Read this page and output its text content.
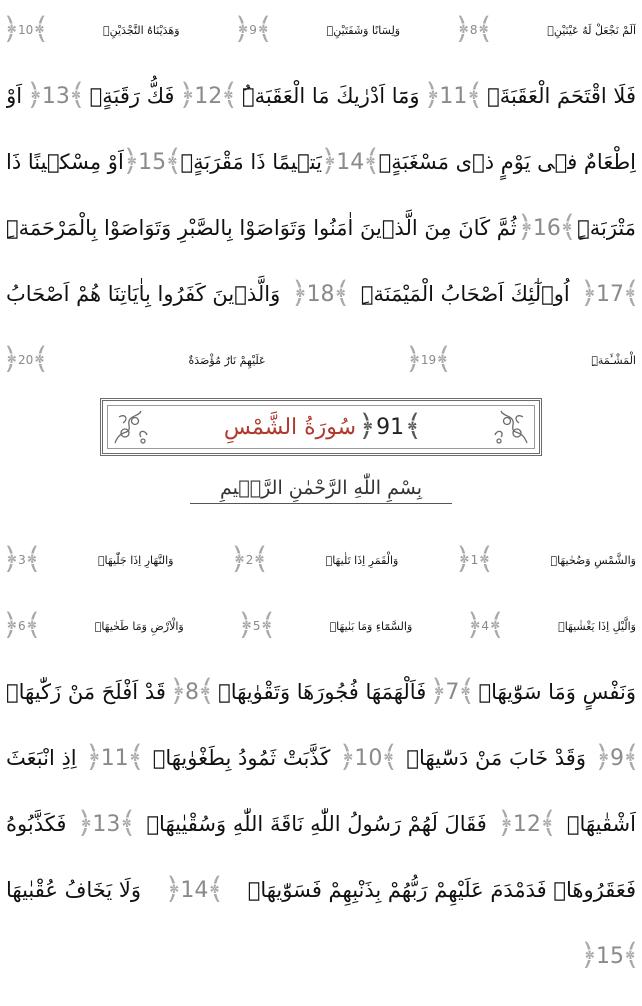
اَلَمْ نَجْعَلْ لَهُ عَيْنَيْنِۙ
﴿ 8
﴾
وَلِسَانًا وَشَفَتَيْنِۙ
﴿ 9
﴾
وَهَدَيْنَاهُ النَّجْدَيْنِۚ
﴿ 10
﴾
فَلَا اقْتَحَمَ الْعَقَبَةَۘ
﴿ 11
﴾
وَمَٓا اَدْرٰيكَ مَا الْعَقَبَةُۜ
﴿ 12
﴾
فَكُّ رَقَبَةٍۙ
﴿ 13
﴾
اَوْ
اِطْعَامٌ فٖى يَوْمٍ ذٖى مَسْغَبَةٍۙ
﴿ 14
﴾
يَتٖيمًا ذَا مَقْرَبَةٍۙ
﴿ 15
﴾
اَوْ مِسْكٖينًا ذَا
مَتْرَبَةٍۜ
﴿ 16
﴾
ثُمَّ كَانَ مِنَ الَّذٖينَ اٰمَنُوا وَتَوَاصَوْا بِالصَّبْرِ وَتَوَاصَوْا بِالْمَرْحَمَةِۜ
﴿ 17
﴾
اُو۬لٰٓئِكَ اَصْحَابُ الْمَيْمَنَةِۜ
﴿ 18
﴾
وَالَّذٖينَ كَفَرُوا بِاٰيَاتِنَا هُمْ اَصْحَابُ
الْمَشْـَٔمَةِۜ
﴿ 19
﴾
عَلَيْهِمْ نَارٌ مُؤْصَدَةٌ
﴿ 20
﴾
﴿ 91 ﴾
سُورَةُ الشَّمْسِ
بِسْمِ اللّٰهِ الرَّحْمٰنِ الرَّحٖيمِ
وَالشَّمْسِ وَضُحٰيهَاۙ
﴿ 1
﴾
وَالْقَمَرِ اِذَا تَلٰيهَاۙ
﴿ 2
﴾
وَالنَّهَارِ اِذَا جَلّٰيهَاۙ
﴿ 3
﴾
وَالَّيْلِ اِذَا يَغْشٰيهَاۙ
﴿ 4
﴾
وَالسَّمَٓاءِ وَمَا بَنٰيهَاۙ
﴿ 5
﴾
وَالْاَرْضِ وَمَا طَحٰيهَاۙ
﴿ 6
﴾
وَنَفْسٍ وَمَا سَوّٰيهَاۙ
﴿ 7
﴾
فَاَلْهَمَهَا فُجُورَهَا وَتَقْوٰيهَاۙ
﴿ 8
﴾
قَدْ اَفْلَحَ مَنْ زَكّٰيهَاۙ
﴿ 9
﴾
وَقَدْ خَابَ مَنْ دَسّٰيهَاۜ
﴿ 10
﴾
كَذَّبَتْ ثَمُودُ بِطَغْوٰيهَاۙ
﴿ 11
﴾
اِذِ انْبَعَثَ
اَشْقٰيهَاۙ
﴿ 12
﴾
فَقَالَ لَهُمْ رَسُولُ اللّٰهِ نَاقَةَ اللّٰهِ وَسُقْيٰيهَاۜ
﴿ 13
﴾
فَكَذَّبُوهُ
فَعَقَرُوهَاۙ فَدَمْدَمَ عَلَيْهِمْ رَبُّهُمْ بِذَنْبِهِمْ فَسَوّٰيهَاۙ
﴿ 14
﴾
وَلَا يَخَافُ عُقْبٰيهَا
﴿ 15
﴾
